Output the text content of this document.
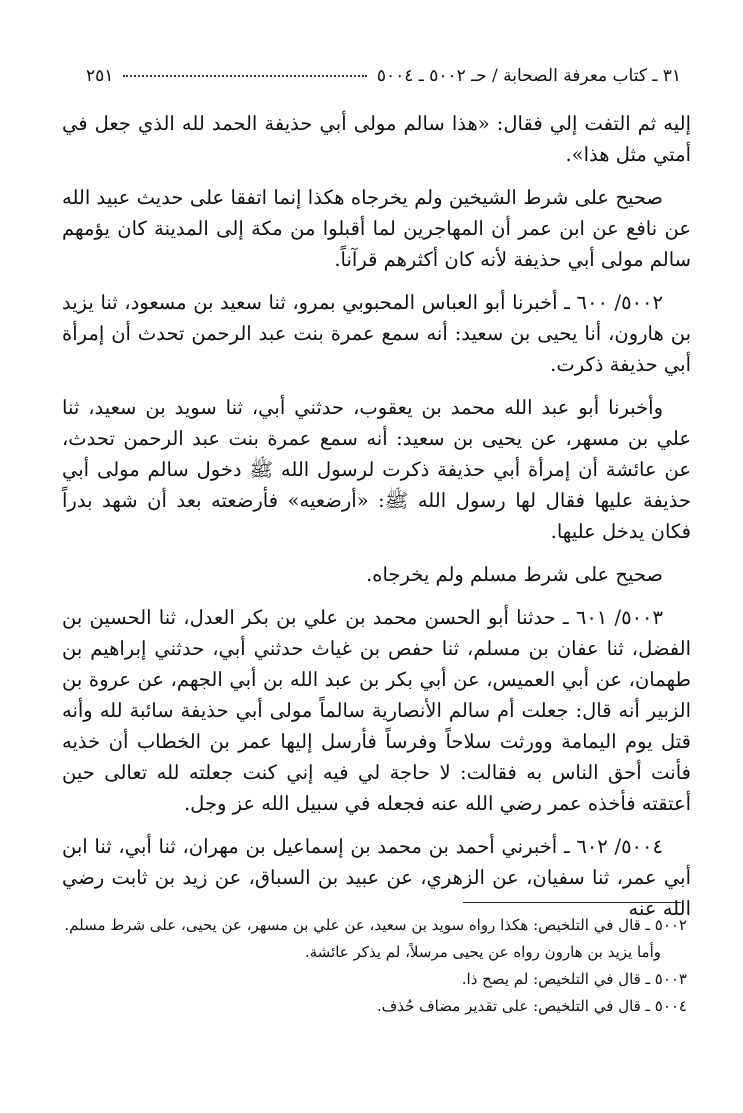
٣١ ـ كتاب معرفة الصحابة / حـ ٥٠٠٢ ـ ٥٠٠٤
٢٥١

إليه ثم التفت إلي فقال: «هذا سالم مولى أبي حذيفة الحمد لله الذي جعل في أمتي مثل هذا».

صحيح على شرط الشيخين ولم يخرجاه هكذا إنما اتفقا على حديث عبيد الله عن نافع عن ابن عمر أن المهاجرين لما أقبلوا من مكة إلى المدينة كان يؤمهم سالم مولى أبي حذيفة لأنه كان أكثرهم قرآناً.

٥٠٠٢/ ٦٠٠ ـ أخبرنا أبو العباس المحبوبي بمرو، ثنا سعيد بن مسعود، ثنا يزيد بن هارون، أنا يحيى بن سعيد: أنه سمع عمرة بنت عبد الرحمن تحدث أن إمرأة أبي حذيفة ذكرت.

وأخبرنا أبو عبد الله محمد بن يعقوب، حدثني أبي، ثنا سويد بن سعيد، ثنا علي بن مسهر، عن يحيى بن سعيد: أنه سمع عمرة بنت عبد الرحمن تحدث، عن عائشة أن إمرأة أبي حذيفة ذكرت لرسول الله ﷺ دخول سالم مولى أبي حذيفة عليها فقال لها رسول الله ﷺ: «أرضعيه» فأرضعته بعد أن شهد بدراً فكان يدخل عليها.

صحيح على شرط مسلم ولم يخرجاه.

٥٠٠٣/ ٦٠١ ـ حدثنا أبو الحسن محمد بن علي بن بكر العدل، ثنا الحسين بن الفضل، ثنا عفان بن مسلم، ثنا حفص بن غياث حدثني أبي، حدثني إبراهيم بن طهمان، عن أبي العميس، عن أبي بكر بن عبد الله بن أبي الجهم، عن عروة بن الزبير أنه قال: جعلت أم سالم الأنصارية سالماً مولى أبي حذيفة سائبة لله وأنه قتل يوم اليمامة وورثت سلاحاً وفرساً فأرسل إليها عمر بن الخطاب أن خذيه فأنت أحق الناس به فقالت: لا حاجة لي فيه إني كنت جعلته لله تعالى حين أعتقته فأخذه عمر رضي الله عنه فجعله في سبيل الله عز وجل.

٥٠٠٤/ ٦٠٢ ـ أخبرني أحمد بن محمد بن إسماعيل بن مهران، ثنا أبي، ثنا ابن أبي عمر، ثنا سفيان، عن الزهري، عن عبيد بن السباق، عن زيد بن ثابت رضي الله عنه

٥٠٠٢ ـ قال في التلخيص: هكذا رواه سويد بن سعيد، عن علي بن مسهر، عن يحيى، على شرط مسلم.

وأما يزيد بن هارون رواه عن يحيى مرسلاً، لم يذكر عائشة.

٥٠٠٣ ـ قال في التلخيص: لم يصح ذا.

٥٠٠٤ ـ قال في التلخيص: على تقدير مضاف حُذف.
